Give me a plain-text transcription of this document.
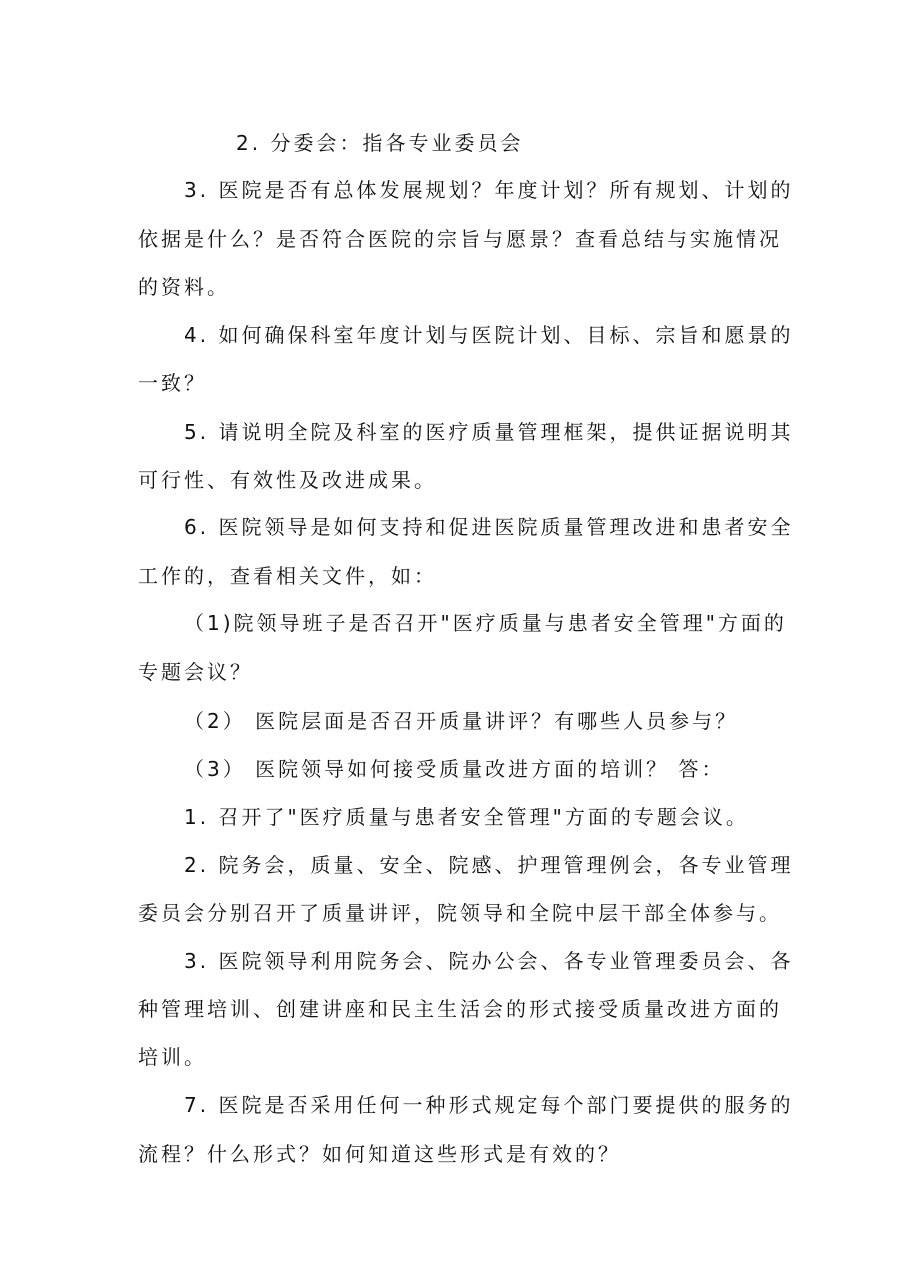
2. 分委会：指各专业委员会
3. 医院是否有总体发展规划？年度计划？所有规划、计划的
依据是什么？是否符合医院的宗旨与愿景？查看总结与实施情况
的资料。
4. 如何确保科室年度计划与医院计划、目标、宗旨和愿景的
一致？
5. 请说明全院及科室的医疗质量管理框架，提供证据说明其
可行性、有效性及改进成果。
6. 医院领导是如何支持和促进医院质量管理改进和患者安全
工作的，查看相关文件，如：
（1)院领导班子是否召开"医疗质量与患者安全管理"方面的
专题会议？
（2） 医院层面是否召开质量讲评？有哪些人员参与？
（3） 医院领导如何接受质量改进方面的培训？ 答：
1. 召开了"医疗质量与患者安全管理"方面的专题会议。
2. 院务会，质量、安全、院感、护理管理例会，各专业管理
委员会分别召开了质量讲评，院领导和全院中层干部全体参与。
3. 医院领导利用院务会、院办公会、各专业管理委员会、各
种管理培训、创建讲座和民主生活会的形式接受质量改进方面的
培训。
7. 医院是否采用任何一种形式规定每个部门要提供的服务的
流程？什么形式？如何知道这些形式是有效的？
